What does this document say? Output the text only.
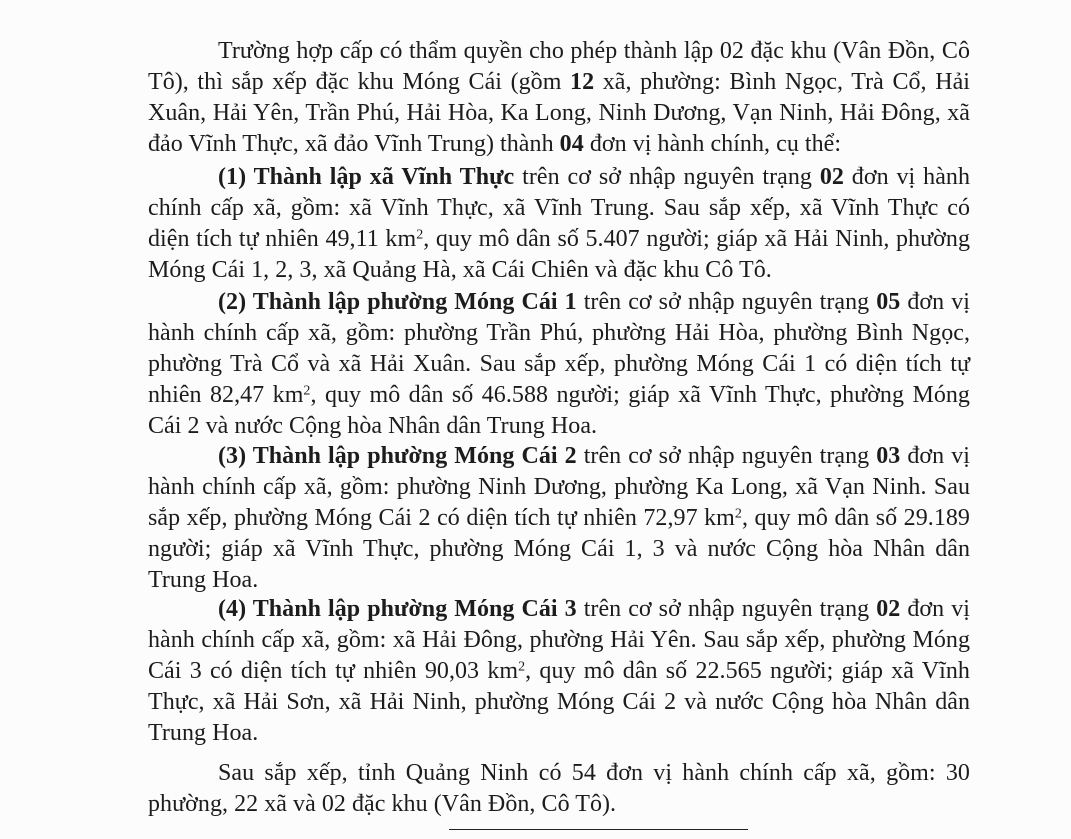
Trường hợp cấp có thẩm quyền cho phép thành lập 02 đặc khu (Vân Đồn, Cô Tô), thì sắp xếp đặc khu Móng Cái (gồm 12 xã, phường: Bình Ngọc, Trà Cổ, Hải Xuân, Hải Yên, Trần Phú, Hải Hòa, Ka Long, Ninh Dương, Vạn Ninh, Hải Đông, xã đảo Vĩnh Thực, xã đảo Vĩnh Trung) thành 04 đơn vị hành chính, cụ thể:

(1) Thành lập xã Vĩnh Thực trên cơ sở nhập nguyên trạng 02 đơn vị hành chính cấp xã, gồm: xã Vĩnh Thực, xã Vĩnh Trung. Sau sắp xếp, xã Vĩnh Thực có diện tích tự nhiên 49,11 $km^2$, quy mô dân số 5.407 người; giáp xã Hải Ninh, phường Móng Cái 1, 2, 3, xã Quảng Hà, xã Cái Chiên và đặc khu Cô Tô.

(2) Thành lập phường Móng Cái 1 trên cơ sở nhập nguyên trạng 05 đơn vị hành chính cấp xã, gồm: phường Trần Phú, phường Hải Hòa, phường Bình Ngọc, phường Trà Cổ và xã Hải Xuân. Sau sắp xếp, phường Móng Cái 1 có diện tích tự nhiên 82,47 $km^2$, quy mô dân số 46.588 người; giáp xã Vĩnh Thực, phường Móng Cái 2 và nước Cộng hòa Nhân dân Trung Hoa.

(3) Thành lập phường Móng Cái 2 trên cơ sở nhập nguyên trạng 03 đơn vị hành chính cấp xã, gồm: phường Ninh Dương, phường Ka Long, xã Vạn Ninh. Sau sắp xếp, phường Móng Cái 2 có diện tích tự nhiên 72,97 $km^2$, quy mô dân số 29.189 người; giáp xã Vĩnh Thực, phường Móng Cái 1, 3 và nước Cộng hòa Nhân dân Trung Hoa.

(4) Thành lập phường Móng Cái 3 trên cơ sở nhập nguyên trạng 02 đơn vị hành chính cấp xã, gồm: xã Hải Đông, phường Hải Yên. Sau sắp xếp, phường Móng Cái 3 có diện tích tự nhiên 90,03 $km^2$, quy mô dân số 22.565 người; giáp xã Vĩnh Thực, xã Hải Sơn, xã Hải Ninh, phường Móng Cái 2 và nước Cộng hòa Nhân dân Trung Hoa.

Sau sắp xếp, tỉnh Quảng Ninh có 54 đơn vị hành chính cấp xã, gồm: 30 phường, 22 xã và 02 đặc khu (Vân Đồn, Cô Tô).
